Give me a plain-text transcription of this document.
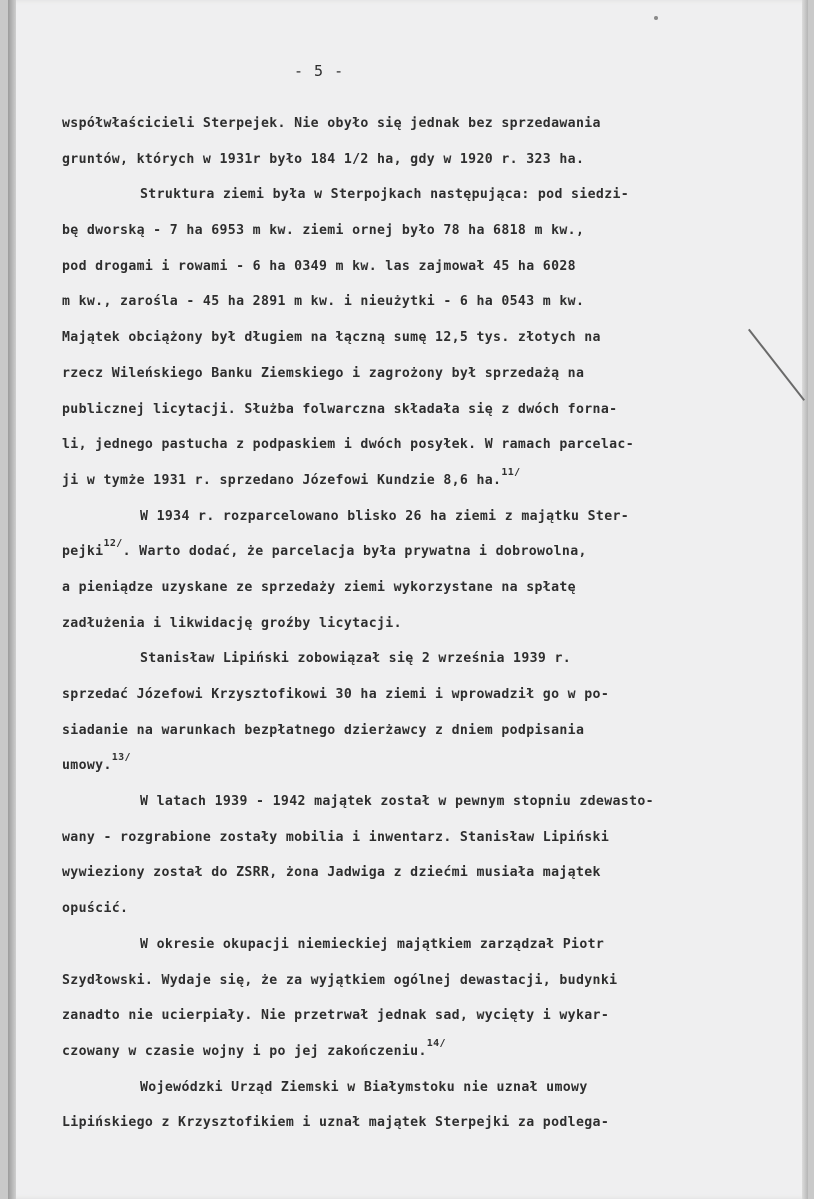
- 5 -
współwłaścicieli Sterpejek. Nie obyło się jednak bez sprzedawania
gruntów, których w 1931r było 184 1/2 ha, gdy w 1920 r. 323 ha.
Struktura ziemi była w Sterpojkach następująca: pod siedzi-
bę dworską - 7 ha 6953 m kw. ziemi ornej było 78 ha 6818 m kw.,
pod drogami i rowami - 6 ha 0349 m kw. las zajmował 45 ha 6028
m kw., zarośla - 45 ha 2891 m kw. i nieużytki - 6 ha 0543 m kw.
Majątek obciążony był długiem na łączną sumę 12,5 tys. złotych na
rzecz Wileńskiego Banku Ziemskiego i zagrożony był sprzedażą na
publicznej licytacji. Służba folwarczna składała się z dwóch forna-
li, jednego pastucha z podpaskiem i dwóch posyłek. W ramach parcelac-
ji w tymże 1931 r. sprzedano Józefowi Kundzie 8,6 ha.$^{11/}$
W 1934 r. rozparcelowano blisko 26 ha ziemi z majątku Ster-
pejki$^{12/}$. Warto dodać, że parcelacja była prywatna i dobrowolna,
a pieniądze uzyskane ze sprzedaży ziemi wykorzystane na spłatę
zadłużenia i likwidację groźby licytacji.
Stanisław Lipiński zobowiązał się 2 września 1939 r.
sprzedać Józefowi Krzysztofikowi 30 ha ziemi i wprowadził go w po-
siadanie na warunkach bezpłatnego dzierżawcy z dniem podpisania
umowy.$^{13/}$
W latach 1939 - 1942 majątek został w pewnym stopniu zdewasto-
wany - rozgrabione zostały mobilia i inwentarz. Stanisław Lipiński
wywieziony został do ZSRR, żona Jadwiga z dziećmi musiała majątek
opuścić.
W okresie okupacji niemieckiej majątkiem zarządzał Piotr
Szydłowski. Wydaje się, że za wyjątkiem ogólnej dewastacji, budynki
zanadto nie ucierpiały. Nie przetrwał jednak sad, wycięty i wykar-
czowany w czasie wojny i po jej zakończeniu.$^{14/}$
Wojewódzki Urząd Ziemski w Białymstoku nie uznał umowy
Lipińskiego z Krzysztofikiem i uznał majątek Sterpejki za podlega-
